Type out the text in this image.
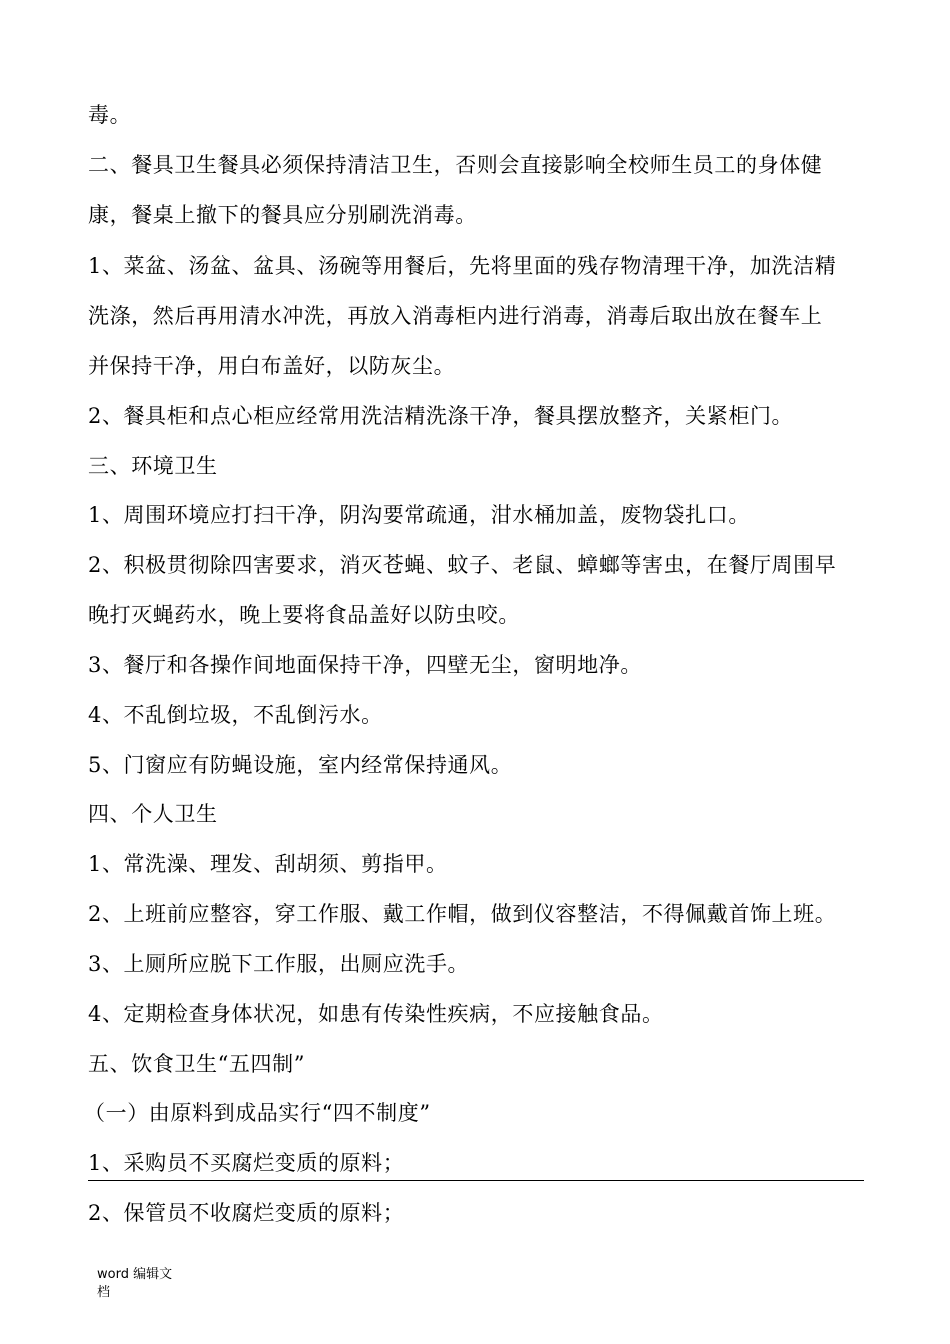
毒。
二、餐具卫生餐具必须保持清洁卫生，否则会直接影响全校师生员工的身体健
康，餐桌上撤下的餐具应分别刷洗消毒。
1、菜盆、汤盆、盆具、汤碗等用餐后，先将里面的残存物清理干净，加洗洁精
洗涤，然后再用清水冲洗，再放入消毒柜内进行消毒，消毒后取出放在餐车上
并保持干净，用白布盖好，以防灰尘。
2、餐具柜和点心柜应经常用洗洁精洗涤干净，餐具摆放整齐，关紧柜门。
三、环境卫生
1、周围环境应打扫干净，阴沟要常疏通，泔水桶加盖，废物袋扎口。
2、积极贯彻除四害要求，消灭苍蝇、蚊子、老鼠、蟑螂等害虫，在餐厅周围早
晚打灭蝇药水，晚上要将食品盖好以防虫咬。
3、餐厅和各操作间地面保持干净，四壁无尘，窗明地净。
4、不乱倒垃圾，不乱倒污水。
5、门窗应有防蝇设施，室内经常保持通风。
四、个人卫生
1、常洗澡、理发、刮胡须、剪指甲。
2、上班前应整容，穿工作服、戴工作帽，做到仪容整洁，不得佩戴首饰上班。
3、上厕所应脱下工作服，出厕应洗手。
4、定期检查身体状况，如患有传染性疾病，不应接触食品。
五、饮食卫生“五四制”
（一）由原料到成品实行“四不制度”
1、采购员不买腐烂变质的原料；
2、保管员不收腐烂变质的原料；
word 编辑文
档
